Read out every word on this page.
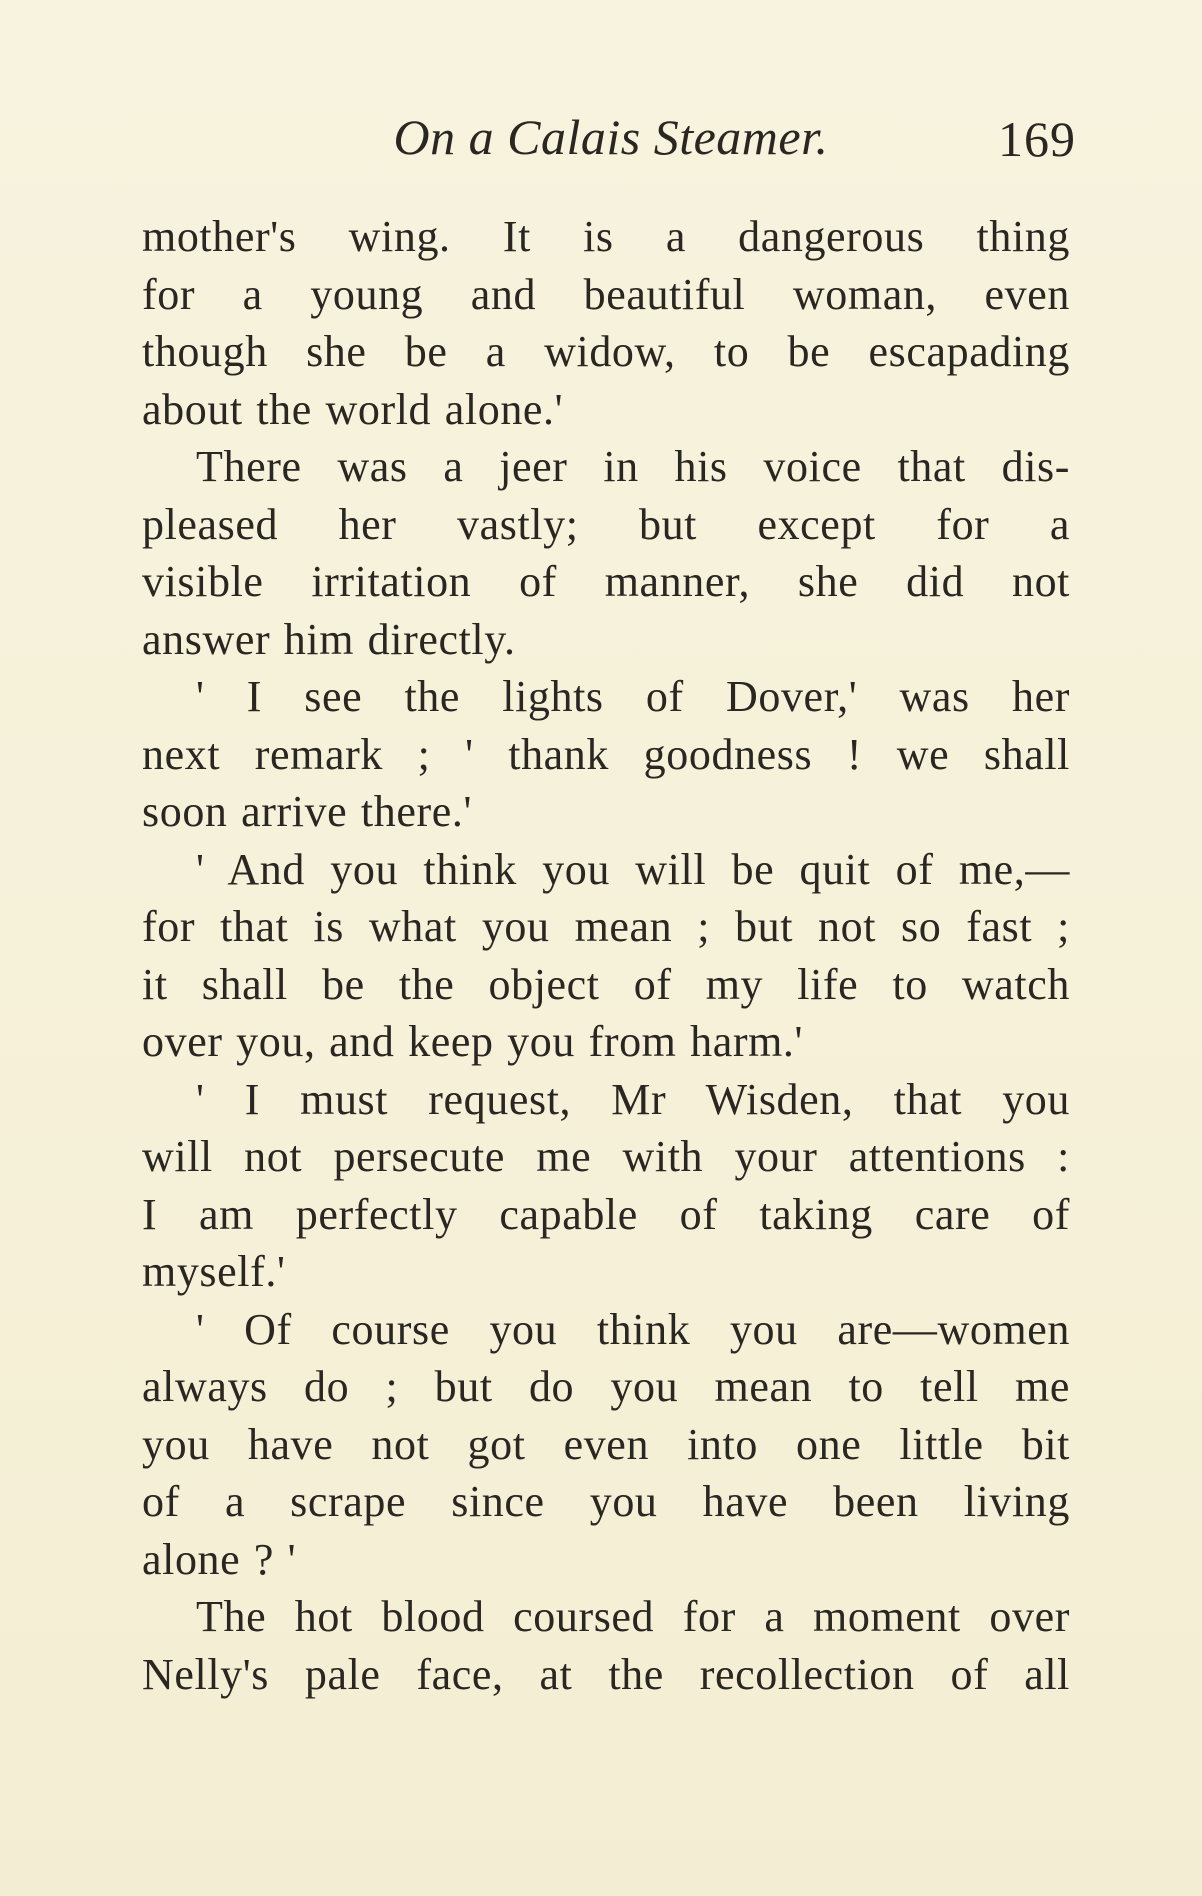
On a Calais Steamer.	169
mother's wing. It is a dangerous thing
for a young and beautiful woman, even
though she be a widow, to be escapading
about the world alone.'
There was a jeer in his voice that dis-
pleased her vastly; but except for a
visible irritation of manner, she did not
answer him directly.
' I see the lights of Dover,' was her
next remark ; ' thank goodness ! we shall
soon arrive there.'
' And you think you will be quit of me,—
for that is what you mean ; but not so fast ;
it shall be the object of my life to watch
over you, and keep you from harm.'
' I must request, Mr Wisden, that you
will not persecute me with your attentions :
I am perfectly capable of taking care of
myself.'
' Of course you think you are—women
always do ; but do you mean to tell me
you have not got even into one little bit
of a scrape since you have been living
alone ? '
The hot blood coursed for a moment over
Nelly's pale face, at the recollection of all
